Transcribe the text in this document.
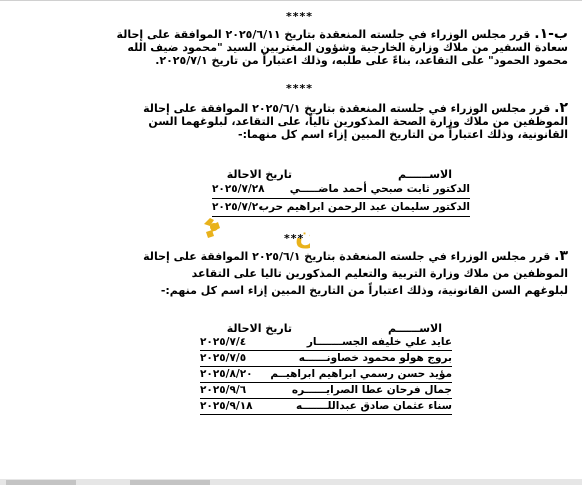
****
ب-١. قرر مجلس الوزراء في جلسته المنعقدة بتاريخ ٢٠٢٥/٦/١١ الموافقة على إحالة
سعادة السفير من ملاك وزارة الخارجية وشؤون المغتربين السيد "محمود ضيف الله
محمود الحمود" على التقاعد، بناءً على طلبه، وذلك اعتباراً من تاريخ ٢٠٢٥/٧/١.
****
٢. قرر مجلس الوزراء في جلسته المنعقدة بتاريخ ٢٠٢٥/٦/١ الموافقة على إحالة
الموظفين من ملاك وزارة الصحة المذكورين تالياً، على التقاعد، لبلوغهما السن
القانونية، وذلك اعتباراً من التاريخ المبين إزاء اسم كل منهما:-
الاســــــم
تاريخ الاحالة
الدكتور ثابت صبحي أحمد ماضـــــي
٢٠٢٥/٧/٢٨
الدكتور سليمان عبد الرحمن ابراهيم حرب
٢٠٢٥/٧/٢٠
ن
***
٣. قرر مجلس الوزراء في جلسته المنعقدة بتاريخ ٢٠٢٥/٦/١ الموافقة على إحالة
الموظفين من ملاك وزارة التربية والتعليم المذكورين تاليا على التقاعد
لبلوغهم السن القانونية، وذلك اعتباراً من التاريخ المبين إزاء اسم كل منهم:-
الاســــــم
تاريخ الاحالة
عايد علي خليفه الجســـــــار
٢٠٢٥/٧/٤
بروج هولو محمود خصاونــــــه
٢٠٢٥/٧/٥
مؤيد حسن رسمي ابراهيم ابراهيــم
٢٠٢٥/٨/٢٠
جمال فرحان عطا الصرايــــــره
٢٠٢٥/٩/٦
سناء عثمان صادق عبداللـــــــه
٢٠٢٥/٩/١٨
